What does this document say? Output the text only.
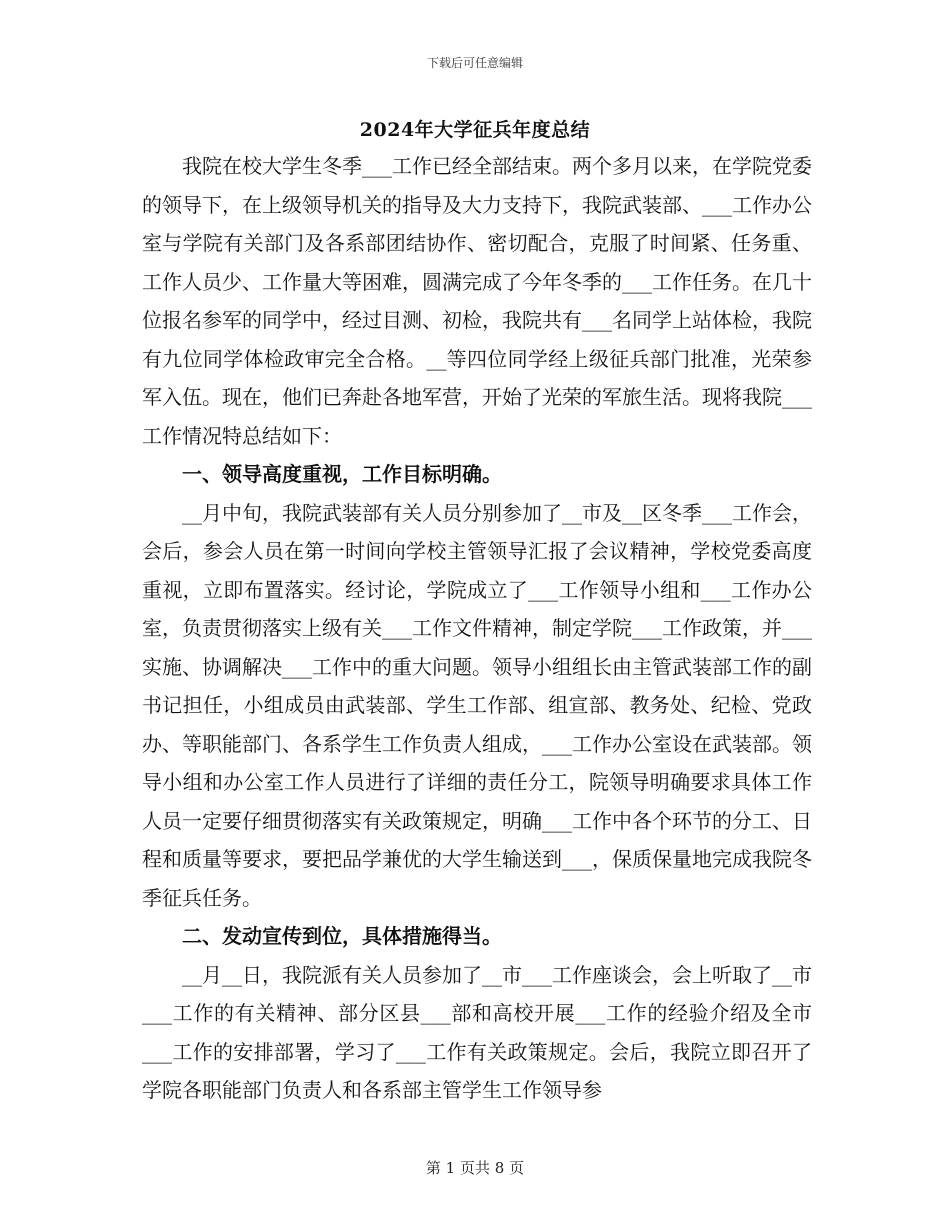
下载后可任意编辑
2024年大学征兵年度总结

我院在校大学生冬季___工作已经全部结束。两个多月以来，在学院党委的领导下，在上级领导机关的指导及大力支持下，我院武装部、___工作办公室与学院有关部门及各系部团结协作、密切配合，克服了时间紧、任务重、工作人员少、工作量大等困难，圆满完成了今年冬季的___工作任务。在几十位报名参军的同学中，经过目测、初检，我院共有___名同学上站体检，我院有九位同学体检政审完全合格。__等四位同学经上级征兵部门批准，光荣参军入伍。现在，他们已奔赴各地军营，开始了光荣的军旅生活。现将我院___工作情况特总结如下：

一、领导高度重视，工作目标明确。

__月中旬，我院武装部有关人员分别参加了__市及__区冬季___工作会，会后，参会人员在第一时间向学校主管领导汇报了会议精神，学校党委高度重视，立即布置落实。经讨论，学院成立了___工作领导小组和___工作办公室，负责贯彻落实上级有关___工作文件精神，制定学院___工作政策，并___实施、协调解决___工作中的重大问题。领导小组组长由主管武装部工作的副书记担任，小组成员由武装部、学生工作部、组宣部、教务处、纪检、党政办、等职能部门、各系学生工作负责人组成，___工作办公室设在武装部。领导小组和办公室工作人员进行了详细的责任分工，院领导明确要求具体工作人员一定要仔细贯彻落实有关政策规定，明确___工作中各个环节的分工、日程和质量等要求，要把品学兼优的大学生输送到___，保质保量地完成我院冬季征兵任务。

二、发动宣传到位，具体措施得当。

__月__日，我院派有关人员参加了__市___工作座谈会，会上听取了__市___工作的有关精神、部分区县___部和高校开展___工作的经验介绍及全市___工作的安排部署，学习了___工作有关政策规定。会后，我院立即召开了学院各职能部门负责人和各系部主管学生工作领导参

第 1 页共 8 页
